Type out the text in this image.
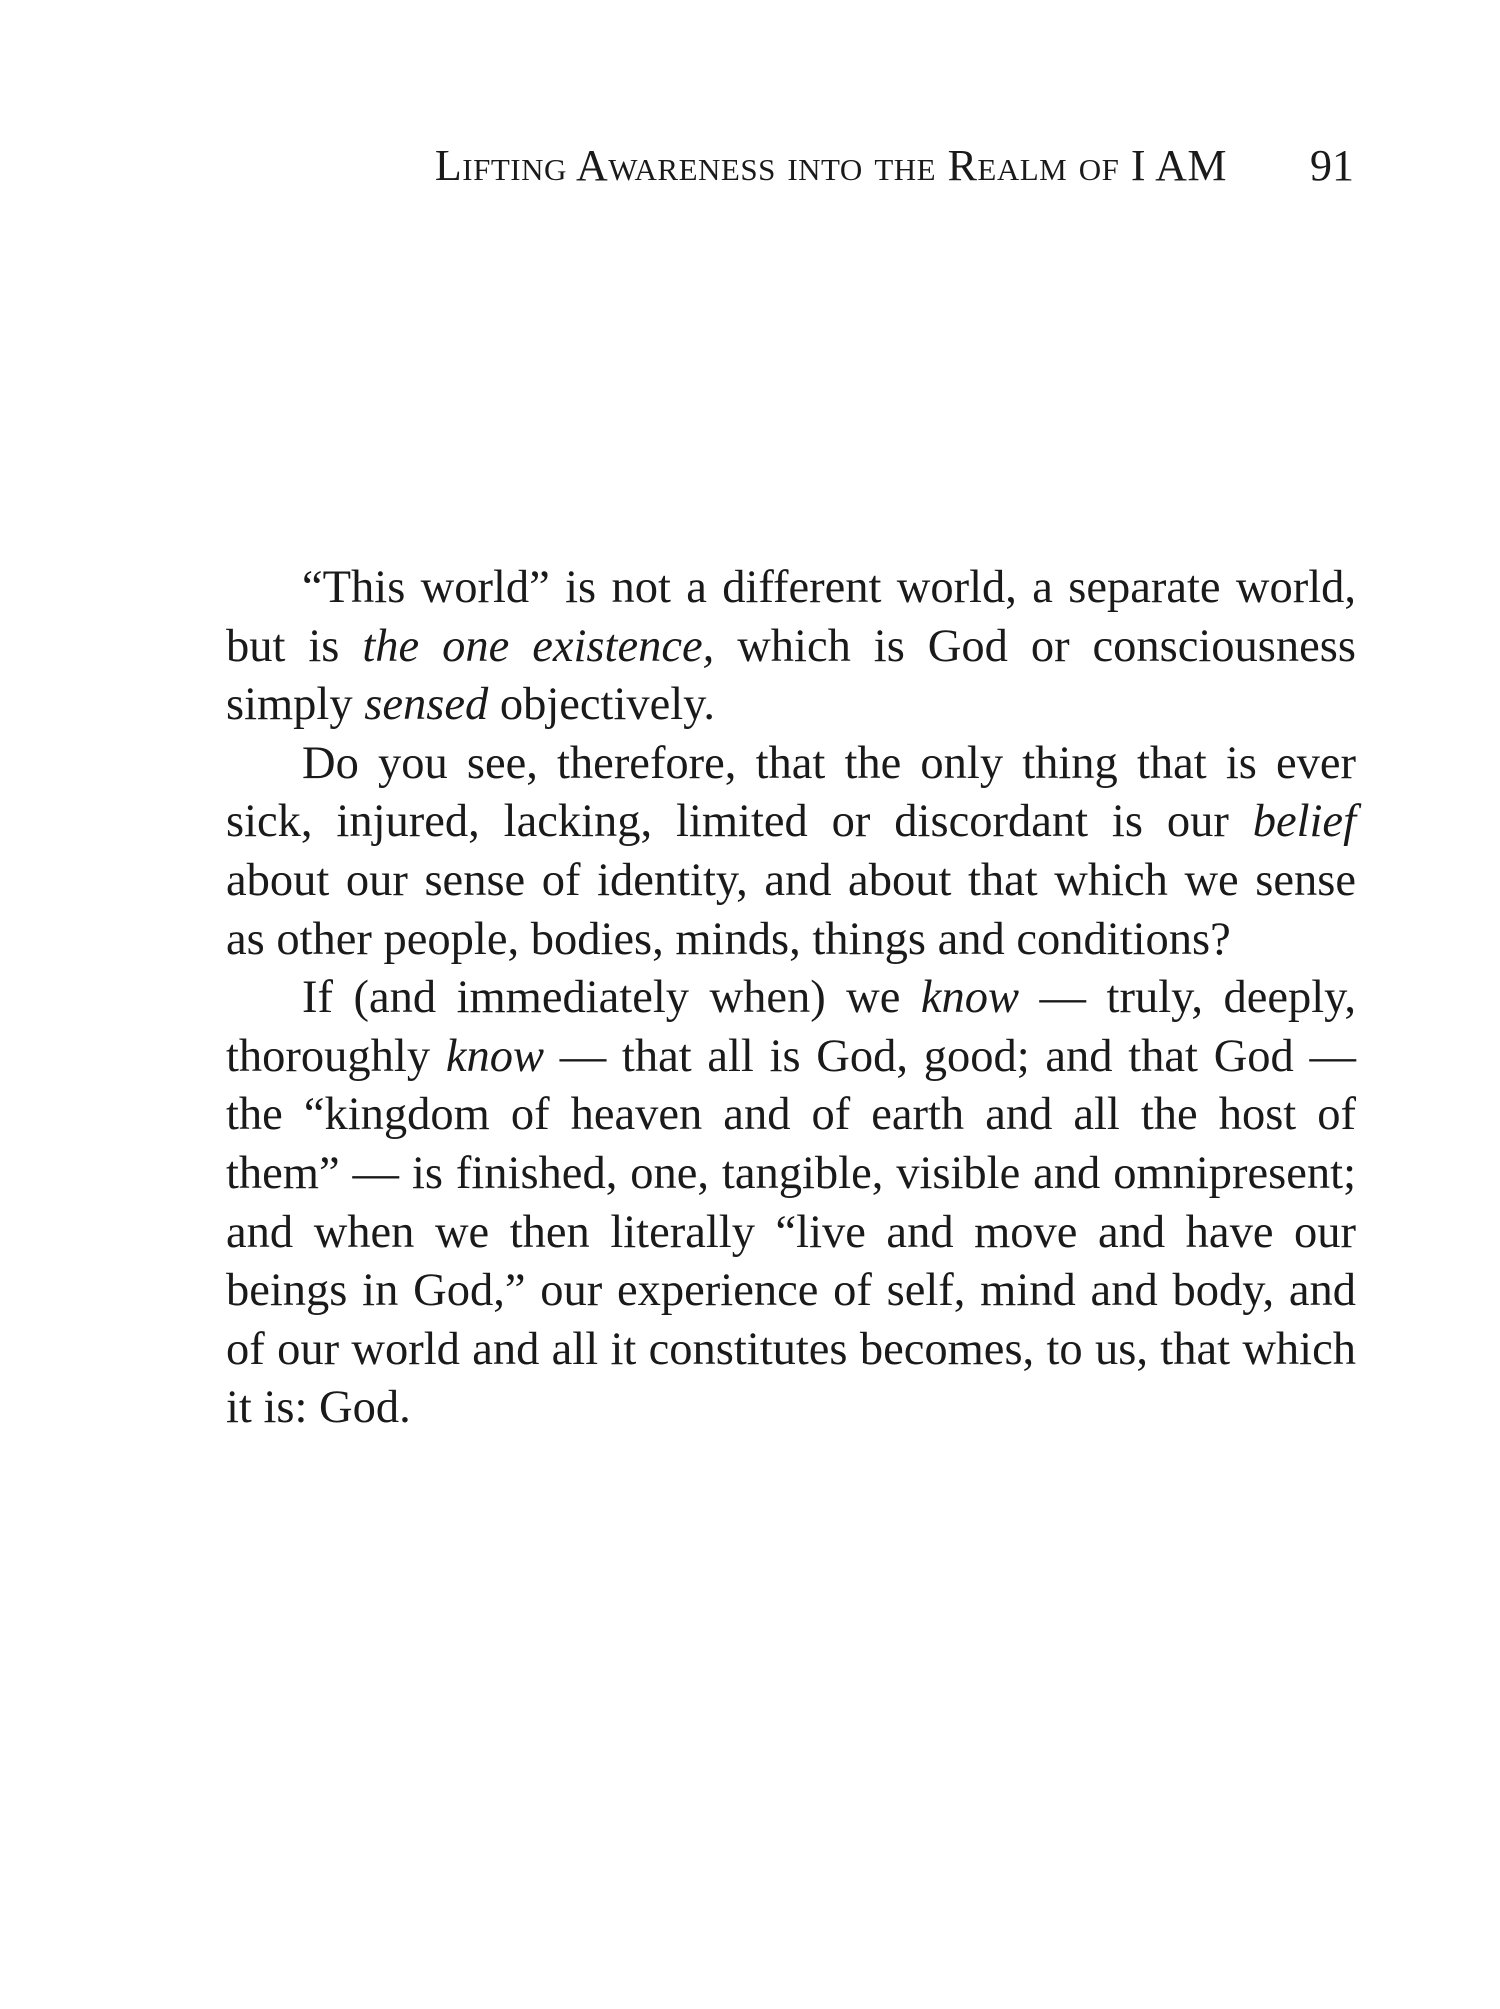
Lifting Awareness into the Realm of I AM 91

“This world” is not a different world, a separate world, but is the one existence, which is God or consciousness simply sensed objectively.

Do you see, therefore, that the only thing that is ever sick, injured, lacking, limited or discordant is our belief about our sense of identity, and about that which we sense as other people, bodies, minds, things and conditions?

If (and immediately when) we know — truly, deeply, thoroughly know — that all is God, good; and that God — the “kingdom of heaven and of earth and all the host of them” — is finished, one, tangible, visible and omnipresent; and when we then literally “live and move and have our beings in God,” our experience of self, mind and body, and of our world and all it constitutes becomes, to us, that which it is: God.
